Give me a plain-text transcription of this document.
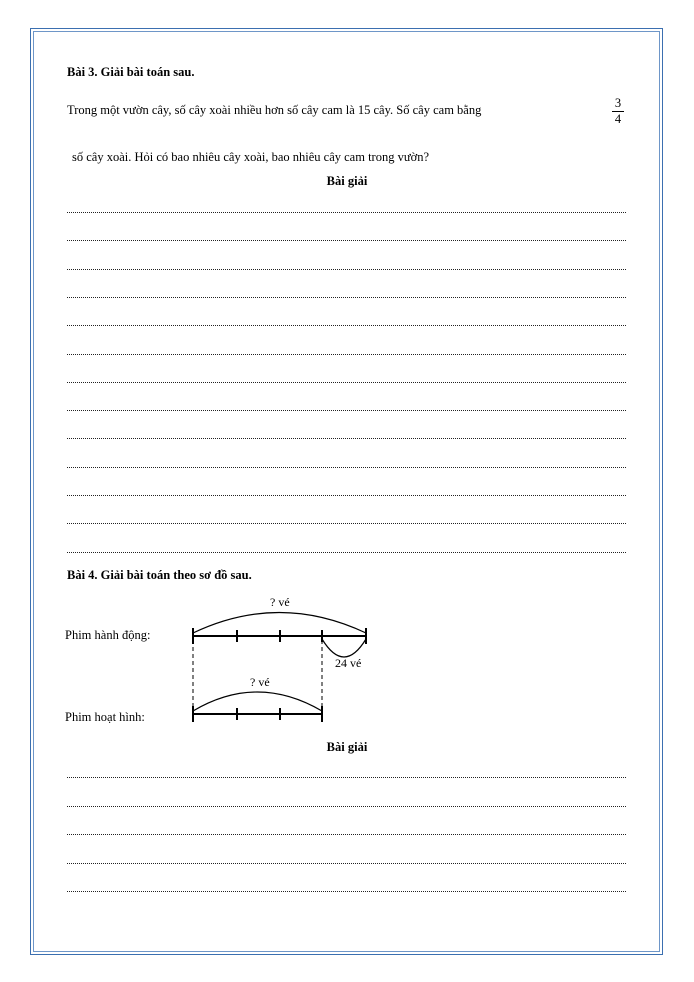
Bài 3. Giải bài toán sau.
Trong một vườn cây, số cây xoài nhiều hơn số cây cam là 15 cây. Số cây cam bằng	3
4
số cây xoài. Hỏi có bao nhiêu cây xoài, bao nhiêu cây cam trong vườn?
Bài giải
Bài 4. Giải bài toán theo sơ đồ sau.
Phim hành động:
Phim hoạt hình:
? vé
? vé
24 vé
Bài giải
